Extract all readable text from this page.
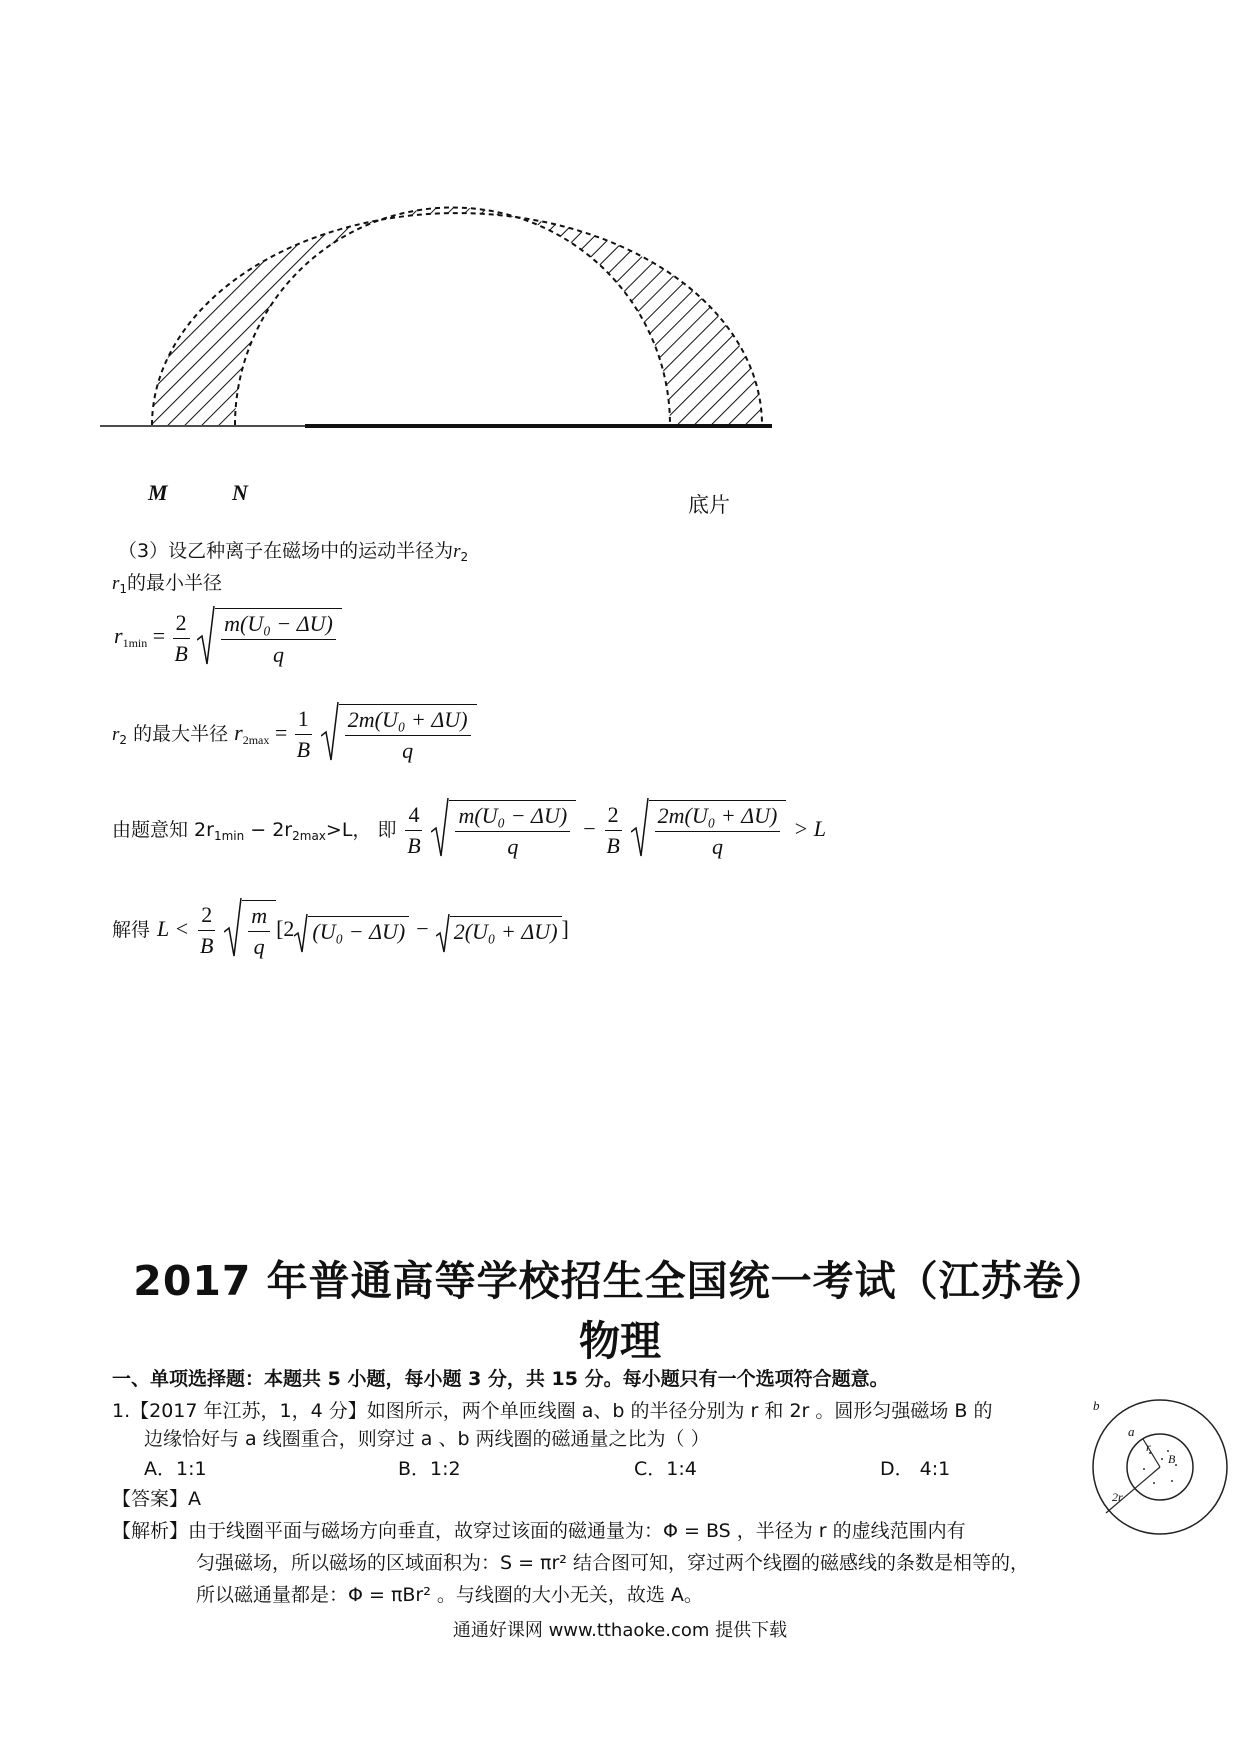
M	N	底片
（3）设乙种离子在磁场中的运动半径为$r_2$
$r_1$的最小半径
$r_{1min} = \frac{2}{B}$
$\frac{\text{m(U₀ − ΔU)}}{q}$
$r_2$ 的最大半径 $r_{2max} = \frac{1}{B}$
$\frac{\text{2m(U₀ + ΔU)}}{q}$
由题意知 $2r_{1min} - 2r_{2max}>L$， 即 $\frac{4}{B}$
$\frac{\text{m(U₀ − ΔU)}}{q} - \frac{2}{B}$
$\frac{\text{2m(U₀ + ΔU)}}{q} > L$
解得 $L < \frac{2}{B}$
$\frac{m}{q} [2$ (U₀ − ΔU) − 2(U₀ + ΔU) ]
2017 年普通高等学校招生全国统一考试（江苏卷）
物理
一、单项选择题：本题共 5 小题，每小题 3 分，共 15 分。每小题只有一个选项符合题意。
1.【2017 年江苏，1，4 分】如图所示，两个单匝线圈 a、b 的半径分别为 r 和 2r 。圆形匀强磁场 B 的
边缘恰好与 a 线圈重合，则穿过 a 、b 两线圈的磁通量之比为（ ）
A．1:1	B．1:2	C．1:4	D． 4:1
【答案】A
【解析】由于线圈平面与磁场方向垂直，故穿过该面的磁通量为：Φ = BS ，半径为 r 的虚线范围内有
匀强磁场，所以磁场的区域面积为：S = πr² 结合图可知，穿过两个线圈的磁感线的条数是相等的，
所以磁通量都是：Φ = πBr² 。与线圈的大小无关，故选 A。
b
a
r
B
2r
通通好课网 www.tthaoke.com 提供下载
